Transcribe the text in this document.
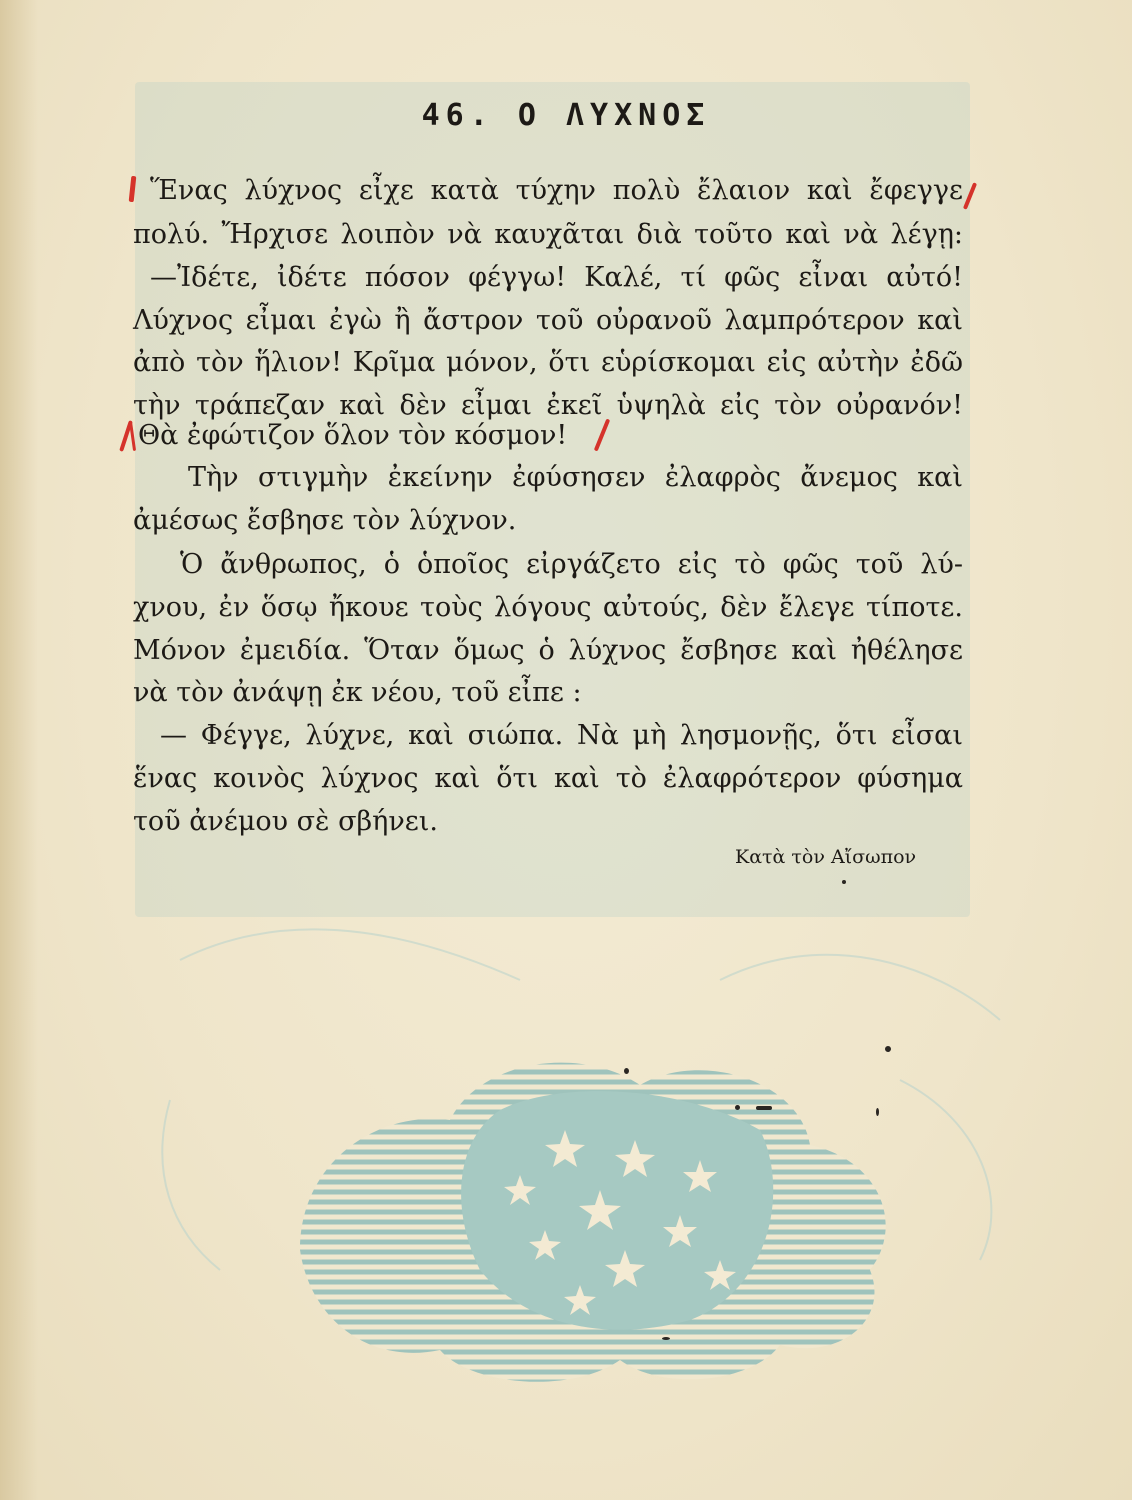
46. Ο ΛΥΧΝΟΣ
Ἕνας λύχνος εἶχε κατὰ τύχην πολὺ ἔλαιον καὶ ἔφεγγε
πολύ. Ἤρχισε λοιπὸν νὰ καυχᾶται διὰ τοῦτο καὶ νὰ λέγῃ:
—Ἰδέτε, ἰδέτε πόσον φέγγω! Καλέ, τί φῶς εἶναι αὐτό!
Λύχνος εἶμαι ἐγὼ ἢ ἄστρον τοῦ οὐρανοῦ λαμπρότερον καὶ
ἀπὸ τὸν ἥλιον! Κρῖμα μόνον, ὅτι εὑρίσκομαι εἰς αὐτὴν ἐδῶ
τὴν τράπεζαν καὶ δὲν εἶμαι ἐκεῖ ὑψηλὰ εἰς τὸν οὐρανόν!
Θὰ ἐφώτιζον ὅλον τὸν κόσμον!
Τὴν στιγμὴν ἐκείνην ἐφύσησεν ἐλαφρὸς ἄνεμος καὶ
ἀμέσως ἔσβησε τὸν λύχνον.
Ὁ ἄνθρωπος, ὁ ὁποῖος εἰργάζετο εἰς τὸ φῶς τοῦ λύ-
χνου, ἐν ὅσῳ ἤκουε τοὺς λόγους αὐτούς, δὲν ἔλεγε τίποτε.
Μόνον ἐμειδία. Ὅταν ὅμως ὁ λύχνος ἔσβησε καὶ ἠθέλησε
νὰ τὸν ἀνάψῃ ἐκ νέου, τοῦ εἶπε :
— Φέγγε, λύχνε, καὶ σιώπα. Νὰ μὴ λησμονῇς, ὅτι εἶσαι
ἕνας κοινὸς λύχνος καὶ ὅτι καὶ τὸ ἐλαφρότερον φύσημα
τοῦ ἀνέμου σὲ σβήνει.
Κατὰ τὸν Αἴσωπον
